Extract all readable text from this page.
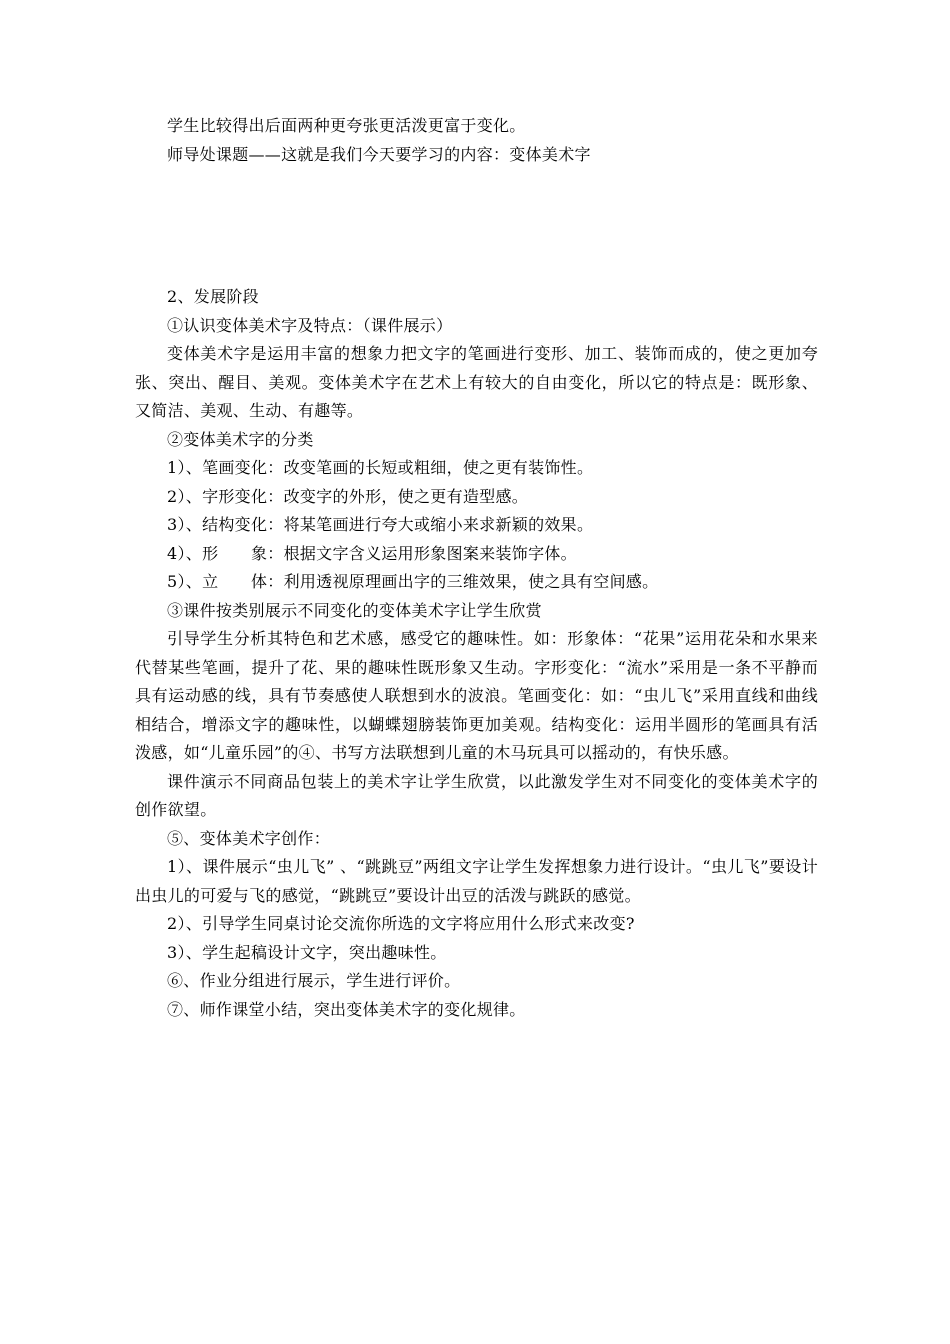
学生比较得出后面两种更夸张更活泼更富于变化。

师导处课题——这就是我们今天要学习的内容：变体美术字

2、发展阶段

①认识变体美术字及特点：（课件展示）

变体美术字是运用丰富的想象力把文字的笔画进行变形、加工、装饰而成的，使之更加夸张、突出、醒目、美观。变体美术字在艺术上有较大的自由变化，所以它的特点是：既形象、又简洁、美观、生动、有趣等。

②变体美术字的分类

1）、笔画变化：改变笔画的长短或粗细，使之更有装饰性。

2）、字形变化：改变字的外形，使之更有造型感。

3）、结构变化：将某笔画进行夸大或缩小来求新颖的效果。

4）、形　　象：根据文字含义运用形象图案来装饰字体。

5）、立　　体：利用透视原理画出字的三维效果，使之具有空间感。

③课件按类别展示不同变化的变体美术字让学生欣赏

引导学生分析其特色和艺术感，感受它的趣味性。如：形象体：“花果”运用花朵和水果来代替某些笔画，提升了花、果的趣味性既形象又生动。字形变化：“流水”采用是一条不平静而具有运动感的线，具有节奏感使人联想到水的波浪。笔画变化：如：“虫儿飞”采用直线和曲线相结合，增添文字的趣味性，以蝴蝶翅膀装饰更加美观。结构变化：运用半圆形的笔画具有活泼感，如“儿童乐园”的④、书写方法联想到儿童的木马玩具可以摇动的，有快乐感。

课件演示不同商品包装上的美术字让学生欣赏，以此激发学生对不同变化的变体美术字的创作欲望。

⑤、变体美术字创作：

1）、课件展示“虫儿飞” 、“跳跳豆”两组文字让学生发挥想象力进行设计。“虫儿飞”要设计出虫儿的可爱与飞的感觉，“跳跳豆”要设计出豆的活泼与跳跃的感觉。

2）、引导学生同桌讨论交流你所选的文字将应用什么形式来改变?

3）、学生起稿设计文字，突出趣味性。

⑥、作业分组进行展示，学生进行评价。

⑦、师作课堂小结，突出变体美术字的变化规律。
